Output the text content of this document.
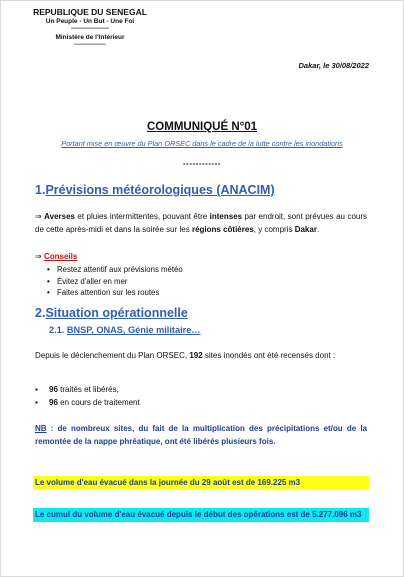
REPUBLIQUE DU SENEGAL
Un Peuple - Un But - Une Foi
-------------------
Ministère de l'Intérieur
----------------
Dakar, le 30/08/2022
COMMUNIQUÉ N°01
Portant mise en œuvre du Plan ORSEC dans le cadre de la lutte contre les inondations
------------
1.Prévisions météorologiques (ANACIM)
⇒ Averses et pluies intermittentes, pouvant être intenses par endroit, sont prévues au cours de cette après-midi et dans la soirée sur les régions côtières, y compris Dakar.
⇒ Conseils
• Restez attentif aux prévisions météo
• Évitez d'aller en mer
• Faites attention sur les routes
2.Situation opérationnelle
2.1. BNSP, ONAS, Génie militaire…
Depuis le déclenchement du Plan ORSEC, 192 sites inondés ont été recensés dont :
▪ 96 traités et libérés,
▪ 96 en cours de traitement
NB : de nombreux sites, du fait de la multiplication des précipitations et/ou de la remontée de la nappe phréatique, ont été libérés plusieurs fois.
Le volume d'eau évacué dans la journée du 29 août est de 169.225 m3
Le cumul du volume d'eau évacué depuis le début des opérations est de 5.277.096 m3
